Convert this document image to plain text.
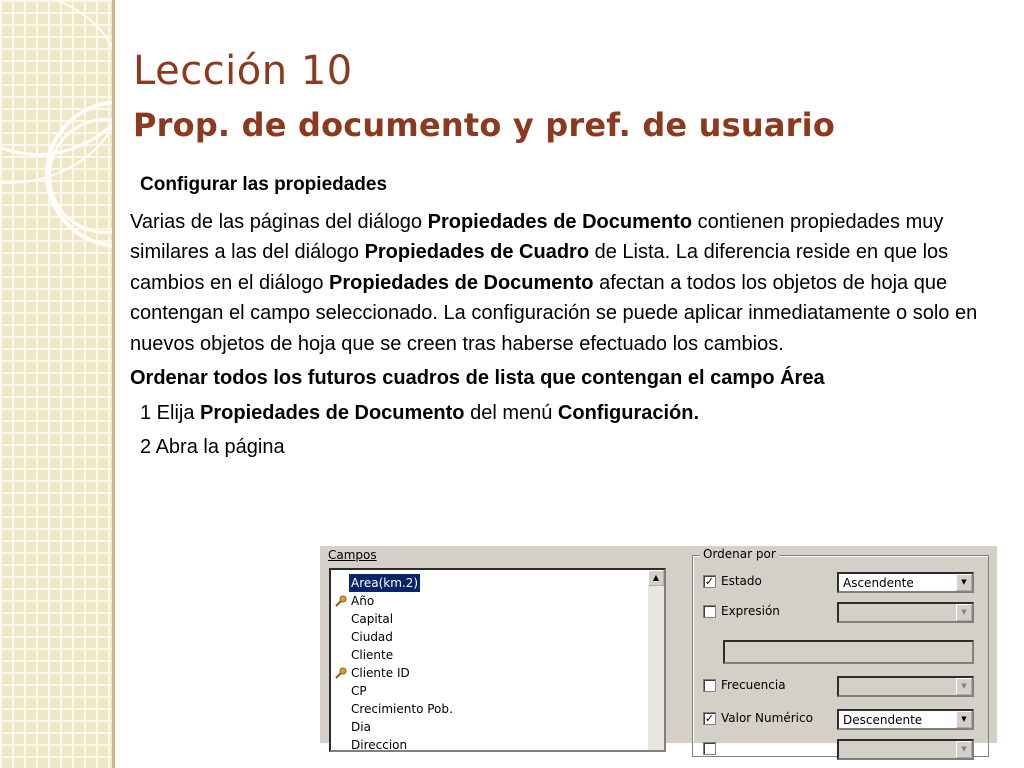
Lección 10
Prop. de documento y pref. de usuario

Configurar las propiedades

Varias de las páginas del diálogo Propiedades de Documento contienen propiedades muy similares a las del diálogo Propiedades de Cuadro de Lista. La diferencia reside en que los cambios en el diálogo Propiedades de Documento afectan a todos los objetos de hoja que contengan el campo seleccionado. La configuración se puede aplicar inmediatamente o solo en nuevos objetos de hoja que se creen tras haberse efectuado los cambios.

Ordenar todos los futuros cuadros de lista que contengan el campo Área

1 Elija Propiedades de Documento del menú Configuración.

2 Abra la página

Campos
Area(km.2)
Año
Capital
Ciudad
Cliente
Cliente ID
CP
Crecimiento Pob.
Dia
Direccion
▲
Ordenar por
✓ Estado	Ascendente	▼
Expresión	▼
Frecuencia	▼
✓ Valor Numérico	Descendente	▼
▼
